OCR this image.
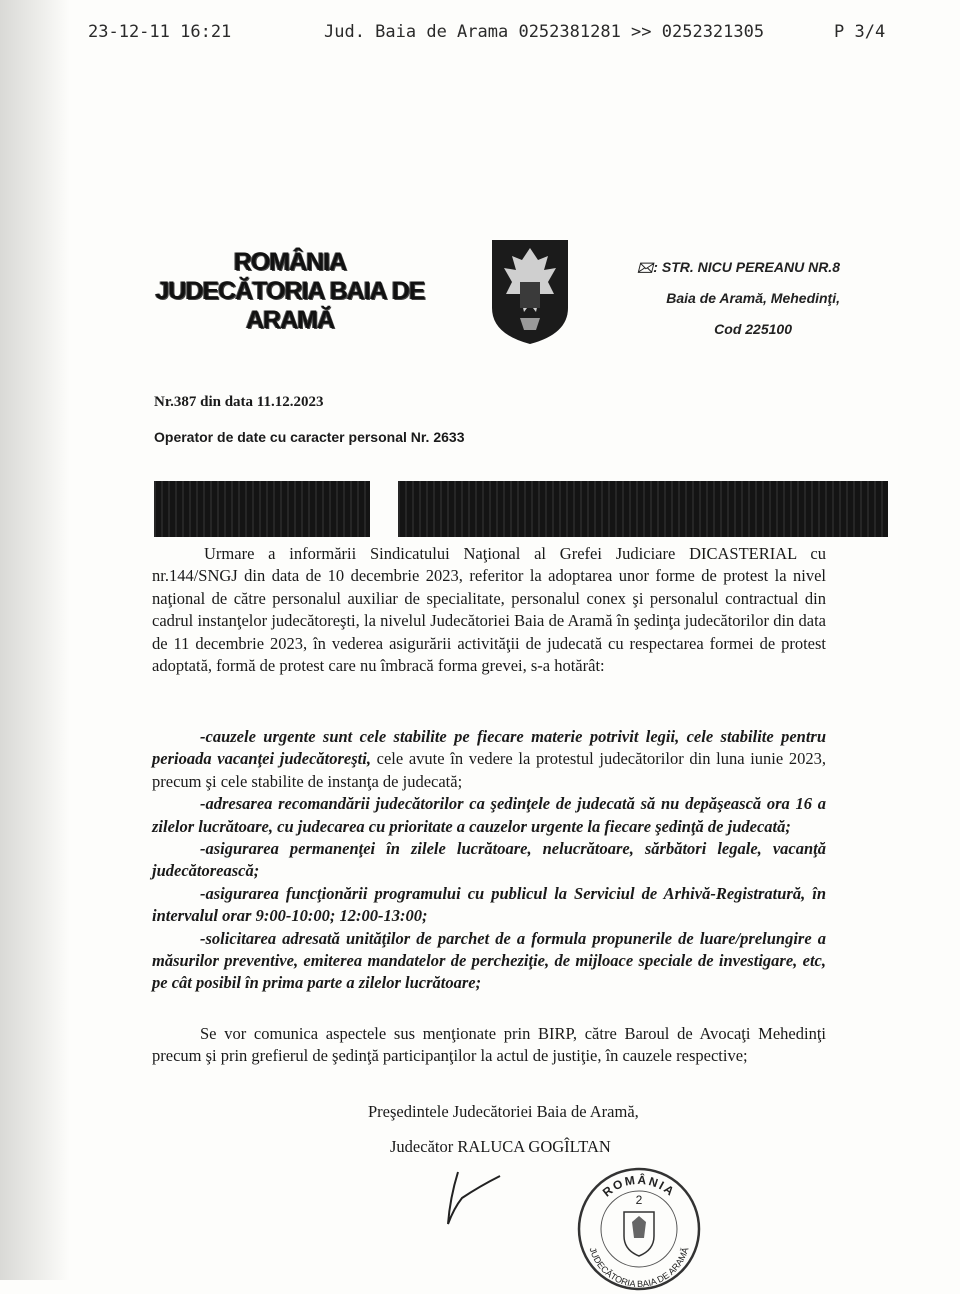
23-12-11 16:21	Jud. Baia de Arama 0252381281 >> 0252321305	P 3/4
ROMÂNIA
JUDECĂTORIA BAIA DE
ARAMĂ
🖂: STR. NICU PEREANU NR.8
Baia de Aramă, Mehedinţi,
Cod 225100
Nr.387 din data 11.12.2023
Operator de date cu caracter personal Nr. 2633
Urmare a informării Sindicatului Naţional al Grefei Judiciare DICASTERIAL cu nr.144/SNGJ din data de 10 decembrie 2023, referitor la adoptarea unor forme de protest la nivel naţional de către personalul auxiliar de specialitate, personalul conex şi personalul contractual din cadrul instanţelor judecătoreşti, la nivelul Judecătoriei Baia de Aramă în şedinţa judecătorilor din data de 11 decembrie 2023, în vederea asigurării activităţii de judecată cu respectarea formei de protest adoptată, formă de protest care nu îmbracă forma grevei, s-a hotărât:

-cauzele urgente sunt cele stabilite pe fiecare materie potrivit legii, cele stabilite pentru perioada vacanţei judecătoreşti, cele avute în vedere la protestul judecătorilor din luna iunie 2023, precum şi cele stabilite de instanţa de judecată;

-adresarea recomandării judecătorilor ca şedinţele de judecată să nu depăşească ora 16 a zilelor lucrătoare, cu judecarea cu prioritate a cauzelor urgente la fiecare şedinţă de judecată;

-asigurarea permanenţei în zilele lucrătoare, nelucrătoare, sărbători legale, vacanţă judecătorească;

-asigurarea funcţionării programului cu publicul la Serviciul de Arhivă-Registratură, în intervalul orar 9:00-10:00; 12:00-13:00;

-solicitarea adresată unităţilor de parchet de a formula propunerile de luare/prelungire a măsurilor preventive, emiterea mandatelor de percheziţie, de mijloace speciale de investigare, etc, pe cât posibil în prima parte a zilelor lucrătoare;

Se vor comunica aspectele sus menţionate prin BIRP, către Baroul de Avocaţi Mehedinţi precum şi prin grefierul de şedinţă participanţilor la actul de justiţie, în cauzele respective;
Preşedintele Judecătoriei Baia de Aramă,
Judecător RALUCA GOGÎLTAN
ROMÂNIA
JUDECĂTORIA BAIA DE ARAMĂ
2
